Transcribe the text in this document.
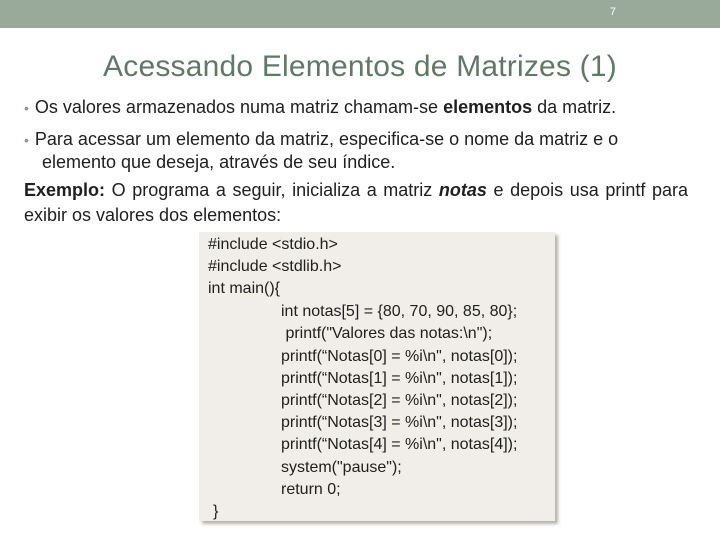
7
Acessando Elementos de Matrizes (1)
• Os valores armazenados numa matriz chamam-se elementos da matriz.
• Para acessar um elemento da matriz, especifica-se o nome da matriz e o
elemento que deseja, através de seu índice.
Exemplo: O programa a seguir, inicializa a matriz notas e depois usa printf para exibir os valores dos elementos:
#include <stdio.h>
#include <stdlib.h>
int main(){
int notas[5] = {80, 70, 90, 85, 80};
printf("Valores das notas:\n");
printf(“Notas[0] = %i\n", notas[0]);
printf(“Notas[1] = %i\n", notas[1]);
printf(“Notas[2] = %i\n", notas[2]);
printf(“Notas[3] = %i\n", notas[3]);
printf(“Notas[4] = %i\n", notas[4]);
system("pause");
return 0;
}
